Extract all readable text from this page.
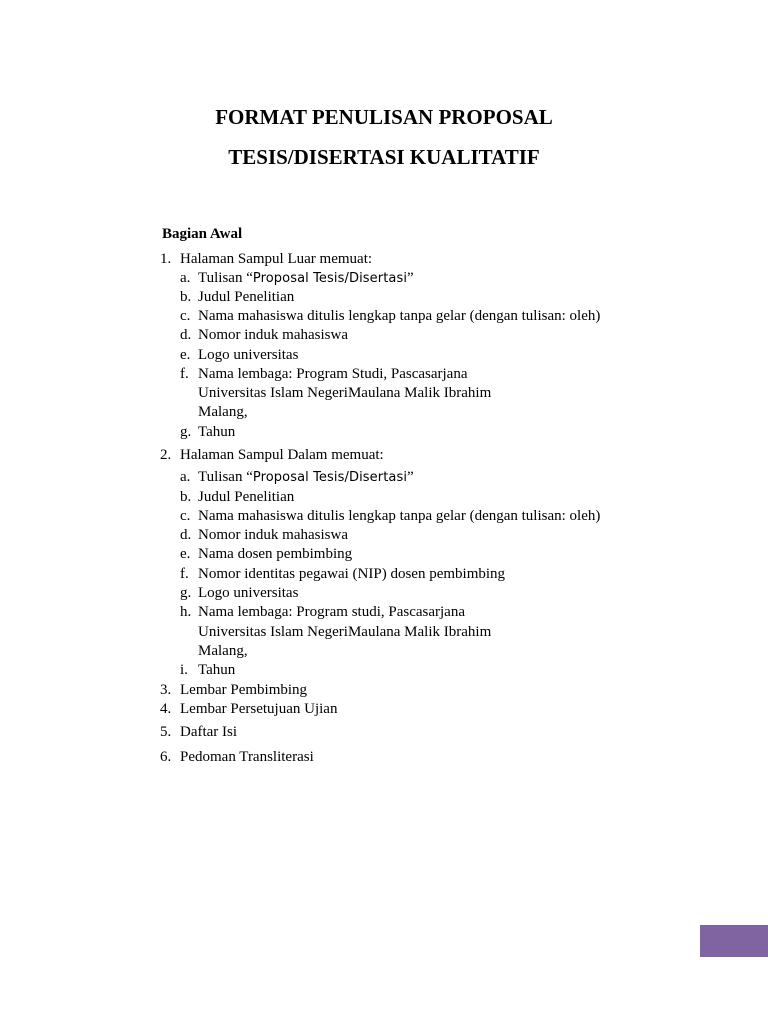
FORMAT PENULISAN PROPOSAL
TESIS/DISERTASI KUALITATIF
Bagian Awal
1. Halaman Sampul Luar memuat:
a. Tulisan “Proposal Tesis/Disertasi”
b. Judul Penelitian
c. Nama mahasiswa ditulis lengkap tanpa gelar (dengan tulisan: oleh)
d. Nomor induk mahasiswa
e. Logo universitas
f. Nama lembaga: Program Studi, Pascasarjana
Universitas Islam NegeriMaulana Malik Ibrahim
Malang,
g. Tahun
2. Halaman Sampul Dalam memuat:
a. Tulisan “Proposal Tesis/Disertasi”
b. Judul Penelitian
c. Nama mahasiswa ditulis lengkap tanpa gelar (dengan tulisan: oleh)
d. Nomor induk mahasiswa
e. Nama dosen pembimbing
f. Nomor identitas pegawai (NIP) dosen pembimbing
g. Logo universitas
h. Nama lembaga: Program studi, Pascasarjana
Universitas Islam NegeriMaulana Malik Ibrahim
Malang,
i. Tahun
3. Lembar Pembimbing
4. Lembar Persetujuan Ujian
5. Daftar Isi
6. Pedoman Transliterasi
